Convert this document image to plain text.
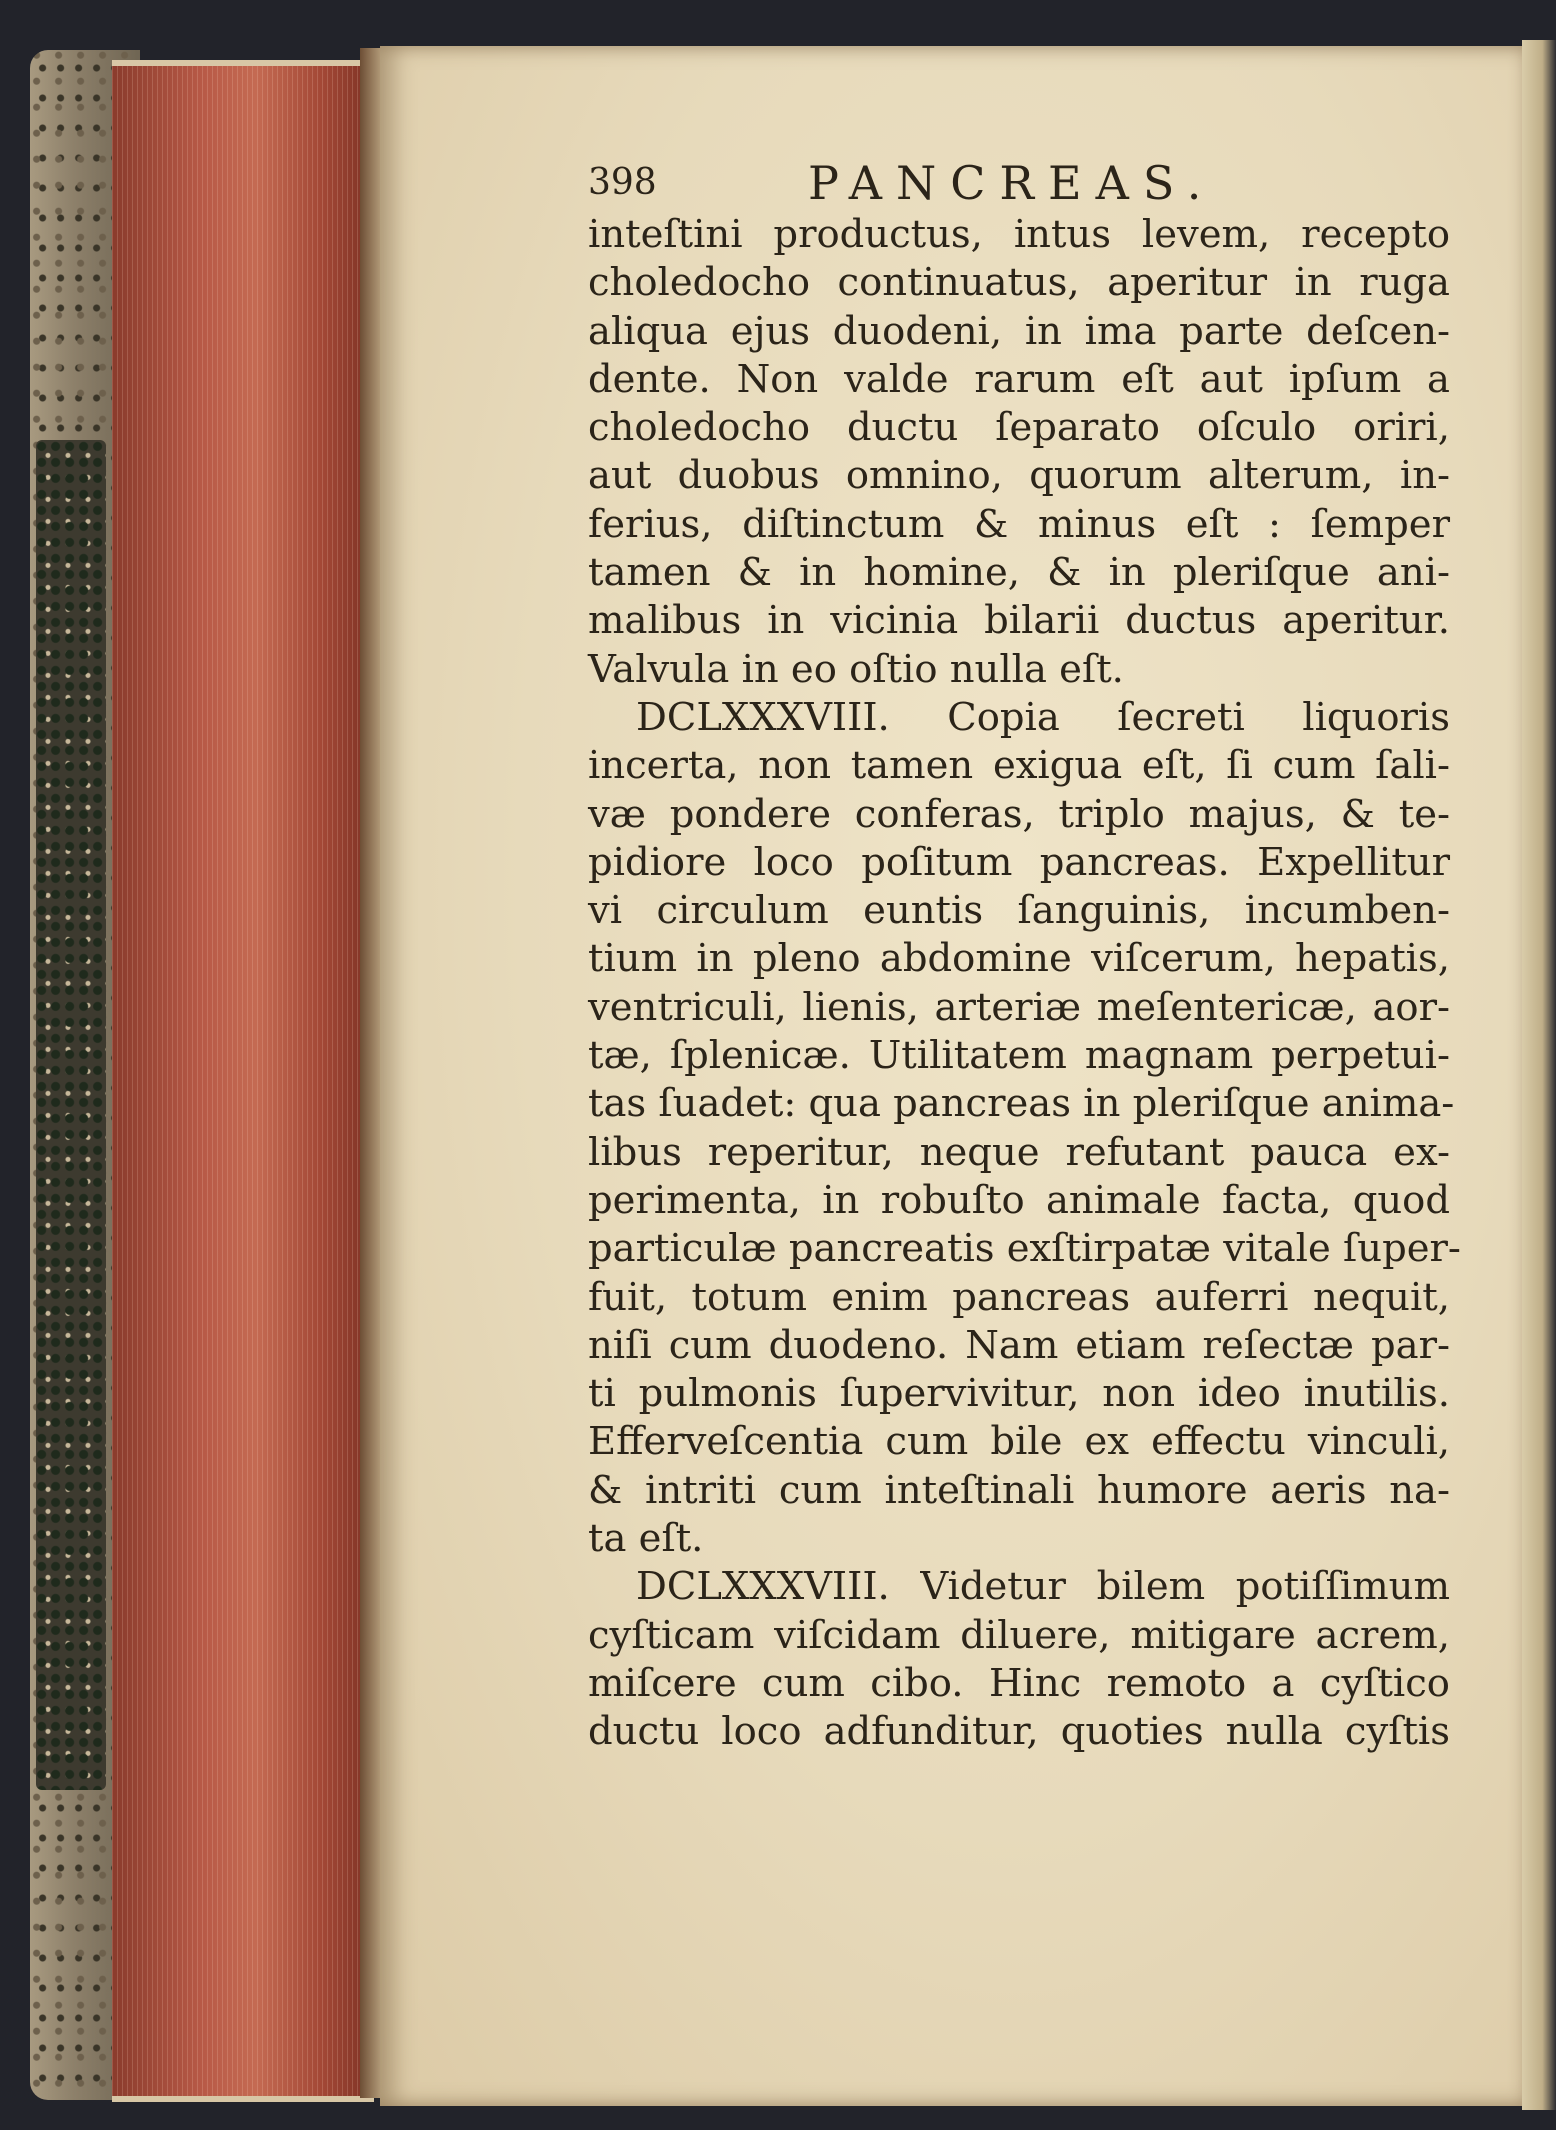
398	PANCREAS.
inteſtini productus, intus levem, recepto
choledocho continuatus, aperitur in ruga
aliqua ejus duodeni, in ima parte deſcen-
dente. Non valde rarum eſt aut ipſum a
choledocho ductu ſeparato oſculo oriri,
aut duobus omnino, quorum alterum, in-
ferius, diſtinctum & minus eſt : ſemper
tamen & in homine, & in pleriſque ani-
malibus in vicinia bilarii ductus aperitur.
Valvula in eo oſtio nulla eſt.
DCLXXXVIII. Copia ſecreti liquoris
incerta, non tamen exigua eſt, ſi cum ſali-
væ pondere conferas, triplo majus, & te-
pidiore loco poſitum pancreas. Expellitur
vi circulum euntis ſanguinis, incumben-
tium in pleno abdomine viſcerum, hepatis,
ventriculi, lienis, arteriæ meſentericæ, aor-
tæ, ſplenicæ. Utilitatem magnam perpetui-
tas ſuadet: qua pancreas in pleriſque anima-
libus reperitur, neque refutant pauca ex-
perimenta, in robuſto animale facta, quod
particulæ pancreatis exſtirpatæ vitale ſuper-
fuit, totum enim pancreas auferri nequit,
niſi cum duodeno. Nam etiam reſectæ par-
ti pulmonis ſupervivitur, non ideo inutilis.
Efferveſcentia cum bile ex effectu vinculi,
& intriti cum inteſtinali humore aeris na-
ta eſt.
DCLXXXVIII. Videtur bilem potiſſimum
cyſticam viſcidam diluere, mitigare acrem,
miſcere cum cibo. Hinc remoto a cyſtico
ductu loco adfunditur, quoties nulla cyſtis
